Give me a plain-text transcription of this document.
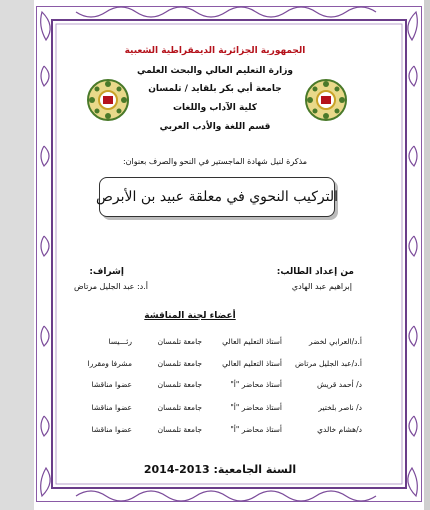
الجمهورية الجزائرية الديمقراطية الشعبية
وزارة التعليم العالي والبحث العلمي
جامعة أبي بكر بلقايد / تلمسان
كلية الآداب واللغات
قسم اللغة والأدب العربي
مذكرة لنيل شهادة الماجستير في النحو والصرف بعنوان:
التركيب النحوي في معلقة عبيد بن الأبرص
من إعداد الطالب:
إبراهيم عبد الهادي
إشراف:
أ.د: عبد الجليل مرتاض
أعضاء لجنة المناقشة
أ.د/العرابي لخضر
أستاذ التعليم العالي
جامعة تلمسان
رئـــيسا
أ.د/عبد الجليل مرتاض
أستاذ التعليم العالي
جامعة تلمسان
مشرفا ومقررا
د/ أحمد قريش
أستاذ محاضر "أ"
جامعة تلمسان
عضوا مناقشا
د/ ناصر بلختير
أستاذ محاضر "أ"
جامعة تلمسان
عضوا مناقشا
د/هشام خالدي
أستاذ محاضر "أ"
جامعة تلمسان
عضوا مناقشا
السنة الجامعية: 2013-2014
